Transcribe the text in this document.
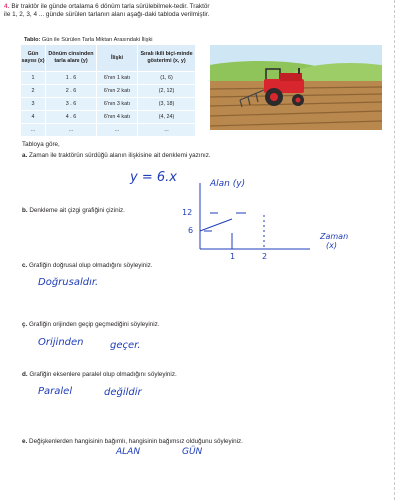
4. Bir traktör ile günde ortalama 6 dönüm tarla sürülebilmek-tedir. Traktör ile 1, 2, 3, 4 ... günde sürülen tarlanın alanı aşağı-daki tabloda verilmiştir.
Tablo: Gün ile Sürülen Tarla Miktarı Arasındaki İlişki
Gün sayısı (x)	Dönüm cinsinden tarla alanı (y)	İlişki	Sıralı ikili biçi-minde gösterimi (x, y)
1	1 . 6	6'nın 1 katı	(1, 6)
2	2 . 6	6'nın 2 katı	(2, 12)
3	3 . 6	6'nın 3 katı	(3, 18)
4	4 . 6	6'nın 4 katı	(4, 24)
...	...	...	...
Tabloya göre,
a. Zaman ile traktörün sürdüğü alanın ilişkisine ait denklemi yazınız.
y = 6.x
b. Denkleme ait çizgi grafiğini çiziniz.
Alan (y)
12
6
1	2
Zaman
(x)
c. Grafiğin doğrusal olup olmadığını söyleyiniz.
Doğrusaldır.
ç. Grafiğin orijinden geçip geçmediğini söyleyiniz.
Orijinden	geçer.
d. Grafiğin eksenlere paralel olup olmadığını söyleyiniz.
Paralel	değildir
e. Değişkenlerden hangisinin bağımlı, hangisinin bağımsız olduğunu söyleyiniz.
ALAN	GÜN
